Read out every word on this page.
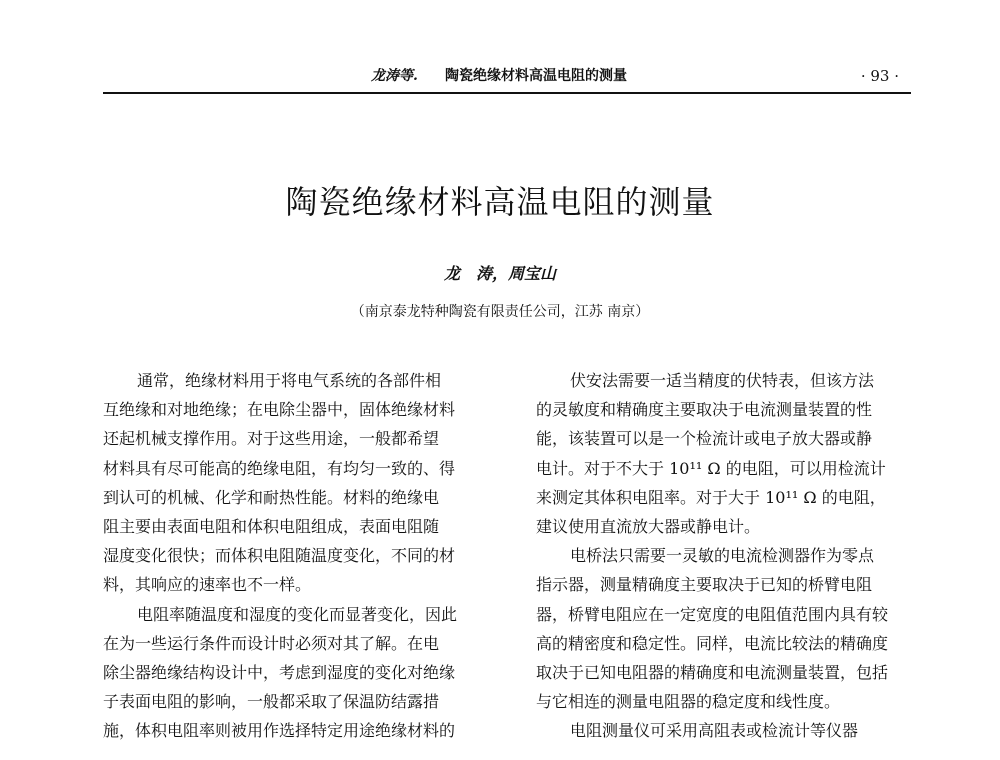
龙涛等. 陶瓷绝缘材料高温电阻的测量	· 93 ·
陶瓷绝缘材料高温电阻的测量
龙　涛，周宝山
（南京泰龙特种陶瓷有限责任公司，江苏 南京）
通常，绝缘材料用于将电气系统的各部件相
互绝缘和对地绝缘；在电除尘器中，固体绝缘材料
还起机械支撑作用。对于这些用途，一般都希望
材料具有尽可能高的绝缘电阻，有均匀一致的、得
到认可的机械、化学和耐热性能。材料的绝缘电
阻主要由表面电阻和体积电阻组成，表面电阻随
湿度变化很快；而体积电阻随温度变化，不同的材
料，其响应的速率也不一样。
电阻率随温度和湿度的变化而显著变化，因此
在为一些运行条件而设计时必须对其了解。在电
除尘器绝缘结构设计中，考虑到湿度的变化对绝缘
子表面电阻的影响，一般都采取了保温防结露措
施，体积电阻率则被用作选择特定用途绝缘材料的
伏安法需要一适当精度的伏特表，但该方法
的灵敏度和精确度主要取决于电流测量装置的性
能，该装置可以是一个检流计或电子放大器或静
电计。对于不大于 10¹¹ Ω 的电阻，可以用检流计
来测定其体积电阻率。对于大于 10¹¹ Ω 的电阻，
建议使用直流放大器或静电计。
电桥法只需要一灵敏的电流检测器作为零点
指示器，测量精确度主要取决于已知的桥臂电阻
器，桥臂电阻应在一定宽度的电阻值范围内具有较
高的精密度和稳定性。同样，电流比较法的精确度
取决于已知电阻器的精确度和电流测量装置，包括
与它相连的测量电阻器的稳定度和线性度。
电阻测量仪可采用高阻表或检流计等仪器
